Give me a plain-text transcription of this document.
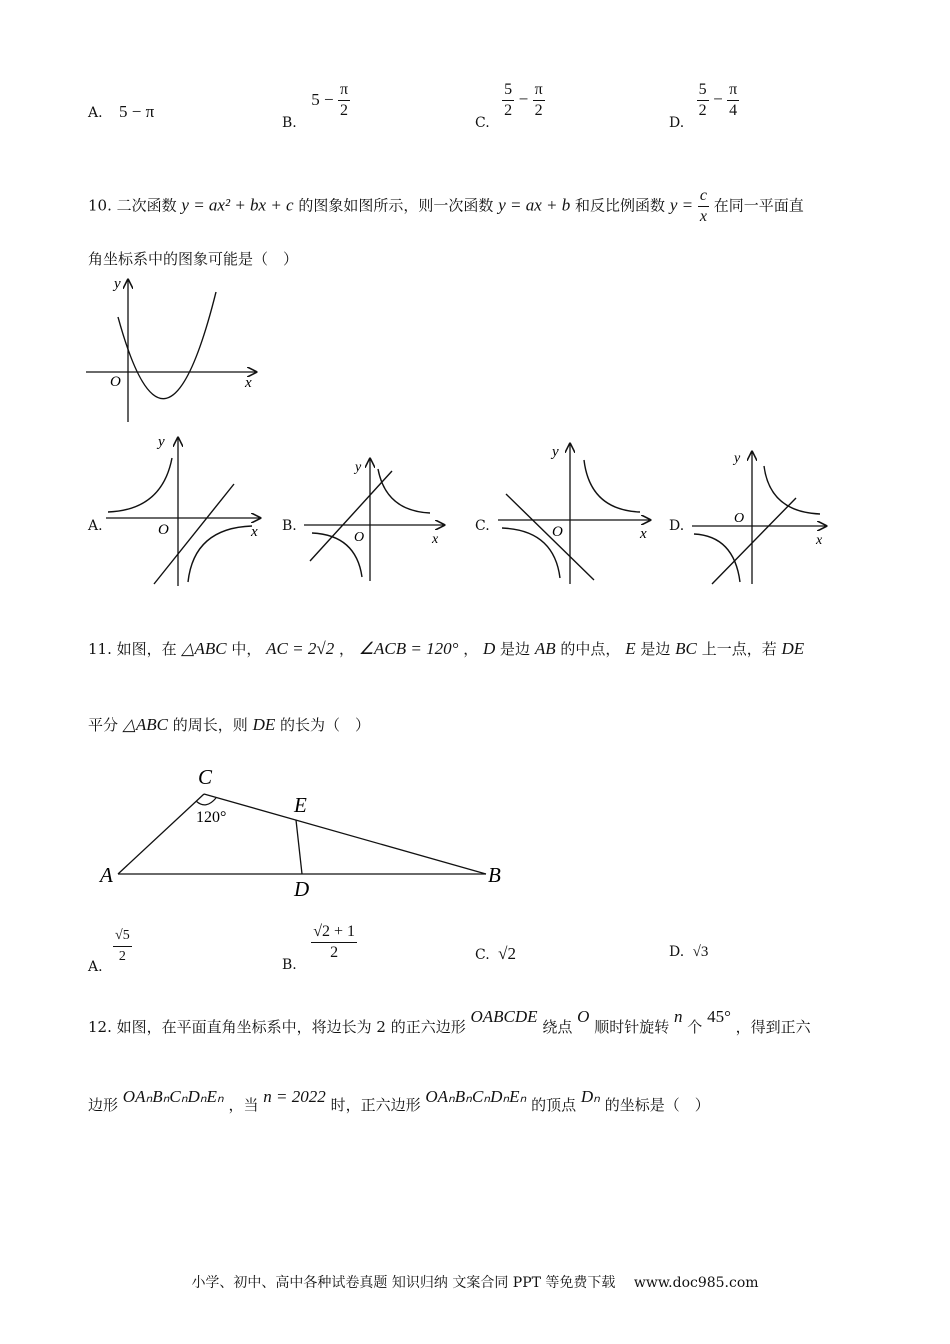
A. 5 − π
B. $5 - \frac{\pi}{2}$
C.
$\frac{5}{2} - \frac{\pi}{2}$
D.
$\frac{5}{2} - \frac{\pi}{4}$
10. 二次函数 y = ax² + bx + c 的图象如图所示，则一次函数 y = ax + b 和反比例函数 $y = \frac{c}{x}$ 在同一平面直
角坐标系中的图象可能是（　）
y
x
O
A.
y
x
O	B.
y
x
O
C.
y
x
O	D.
y
x
O
11. 如图，在 △ABC 中， AC = 2√2 ， ∠ACB = 120° ， D 是边 AB 的中点， E 是边 BC 上一点，若 DE
平分 △ABC 的周长，则 DE 的长为（　）
C
120°
E
A	B
D
A. $\frac{√5}{2}$	B.
$\frac{√2 + 1}{2}$	C. √2	D. √3
12. 如图，在平面直角坐标系中，将边长为 2 的正六边形 OABCDE 绕点 O 顺时针旋转 n 个 45° ，得到正六
边形 OAₙBₙCₙDₙEₙ ，当 n = 2022 时，正六边形 OAₙBₙCₙDₙEₙ 的顶点 Dₙ 的坐标是（　）
小学、初中、高中各种试卷真题 知识归纳 文案合同 PPT 等免费下载　 www.doc985.com
